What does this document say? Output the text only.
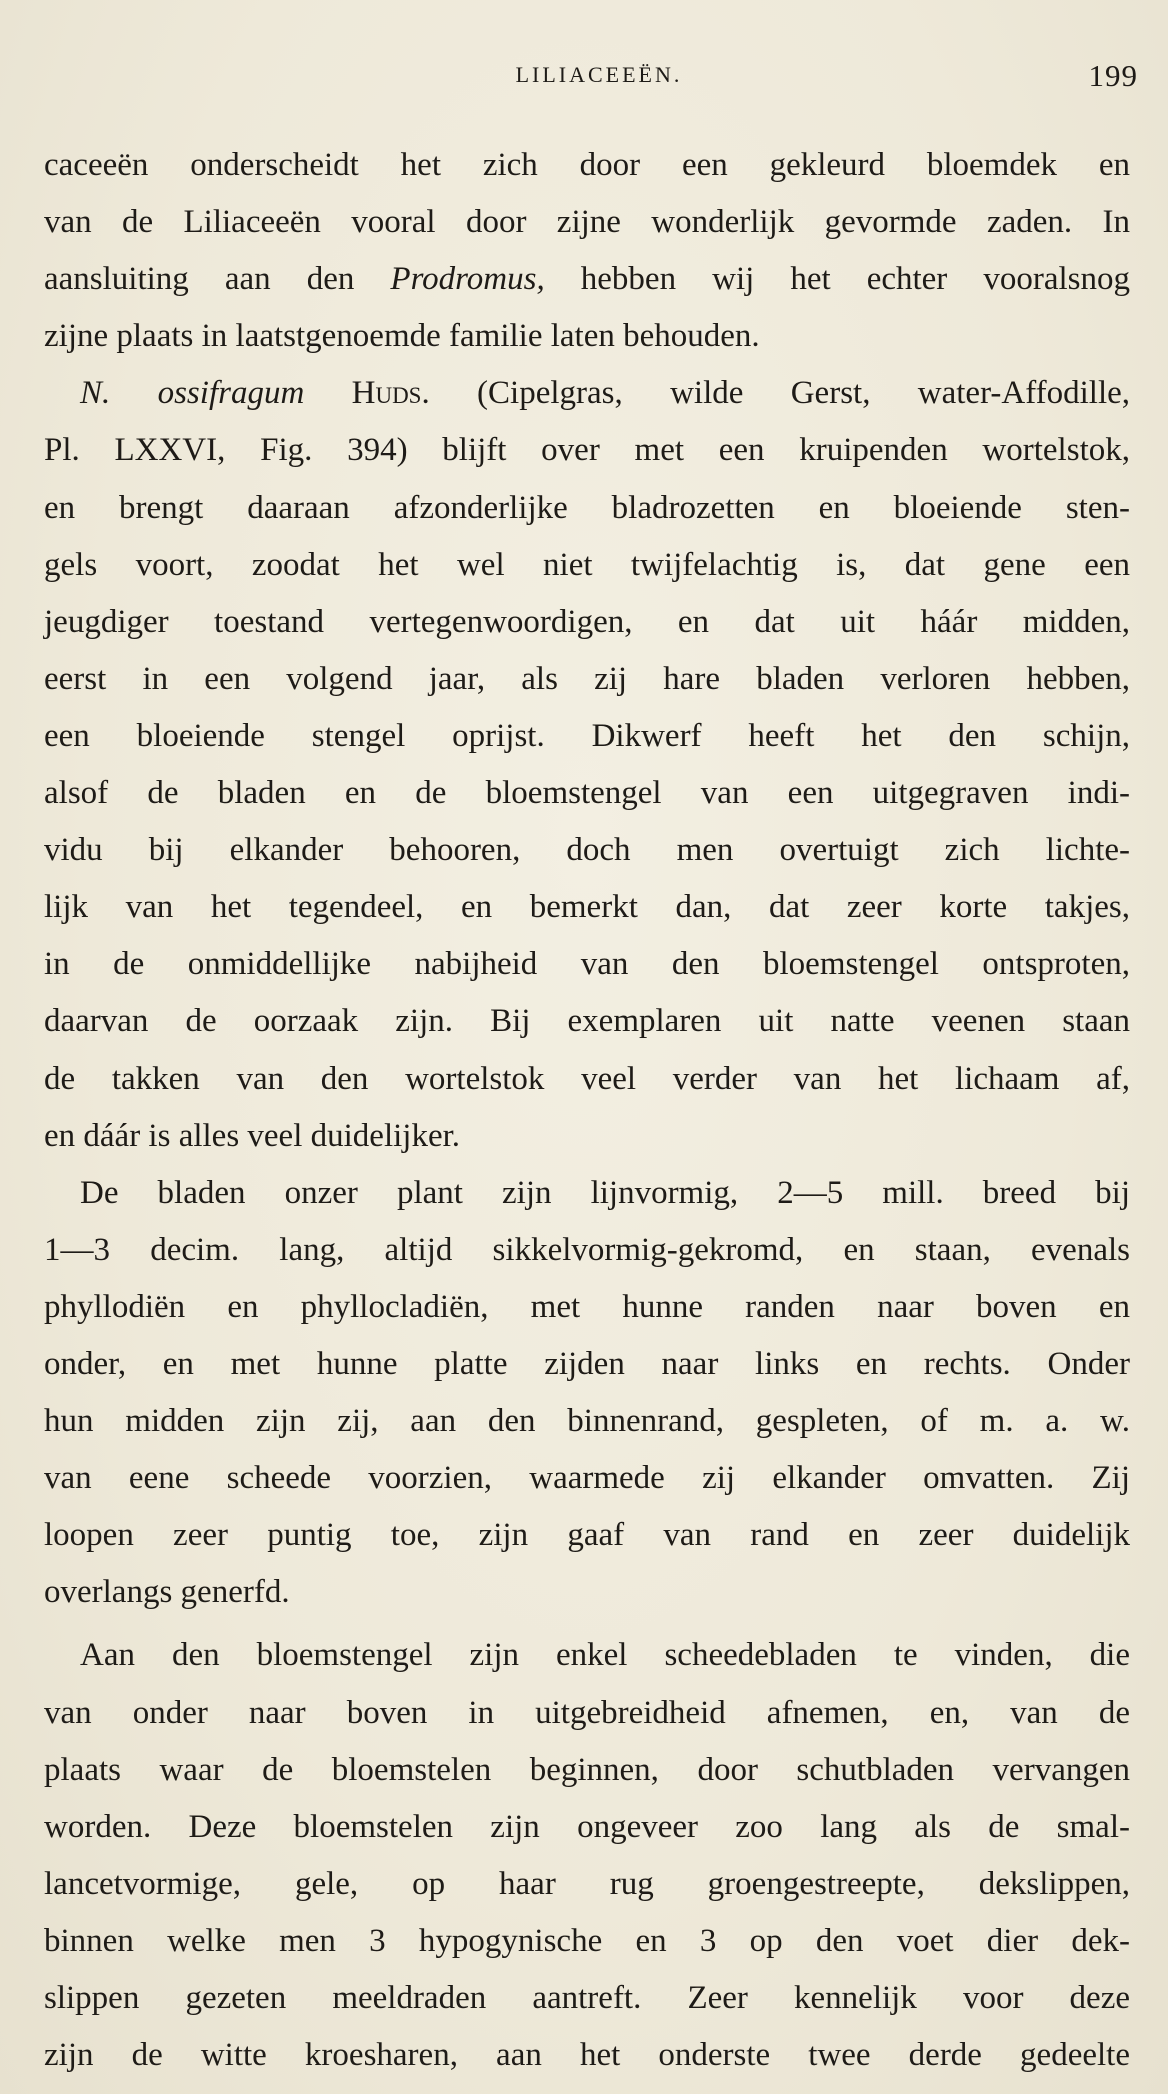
LILIACEEËN.	199
caceeën onderscheidt het zich door een gekleurd bloemdek en
van de Liliaceeën vooral door zijne wonderlijk gevormde zaden. In
aansluiting aan den Prodromus, hebben wij het echter vooralsnog
zijne plaats in laatstgenoemde familie laten behouden.
N. ossifragum Huds. (Cipelgras, wilde Gerst, water-Affodille,
Pl. LXXVI, Fig. 394) blijft over met een kruipenden wortelstok,
en brengt daaraan afzonderlijke bladrozetten en bloeiende sten-
gels voort, zoodat het wel niet twijfelachtig is, dat gene een
jeugdiger toestand vertegenwoordigen, en dat uit háár midden,
eerst in een volgend jaar, als zij hare bladen verloren hebben,
een bloeiende stengel oprijst. Dikwerf heeft het den schijn,
alsof de bladen en de bloemstengel van een uitgegraven indi-
vidu bij elkander behooren, doch men overtuigt zich lichte-
lijk van het tegendeel, en bemerkt dan, dat zeer korte takjes,
in de onmiddellijke nabijheid van den bloemstengel ontsproten,
daarvan de oorzaak zijn. Bij exemplaren uit natte veenen staan
de takken van den wortelstok veel verder van het lichaam af,
en dáár is alles veel duidelijker.
De bladen onzer plant zijn lijnvormig, 2—5 mill. breed bij
1—3 decim. lang, altijd sikkelvormig-gekromd, en staan, evenals
phyllodiën en phyllocladiën, met hunne randen naar boven en
onder, en met hunne platte zijden naar links en rechts. Onder
hun midden zijn zij, aan den binnenrand, gespleten, of m. a. w.
van eene scheede voorzien, waarmede zij elkander omvatten. Zij
loopen zeer puntig toe, zijn gaaf van rand en zeer duidelijk
overlangs generfd.
Aan den bloemstengel zijn enkel scheedebladen te vinden, die
van onder naar boven in uitgebreidheid afnemen, en, van de
plaats waar de bloemstelen beginnen, door schutbladen vervangen
worden. Deze bloemstelen zijn ongeveer zoo lang als de smal-
lancetvormige, gele, op haar rug groengestreepte, dekslippen,
binnen welke men 3 hypogynische en 3 op den voet dier dek-
slippen gezeten meeldraden aantreft. Zeer kennelijk voor deze
zijn de witte kroesharen, aan het onderste twee derde gedeelte
